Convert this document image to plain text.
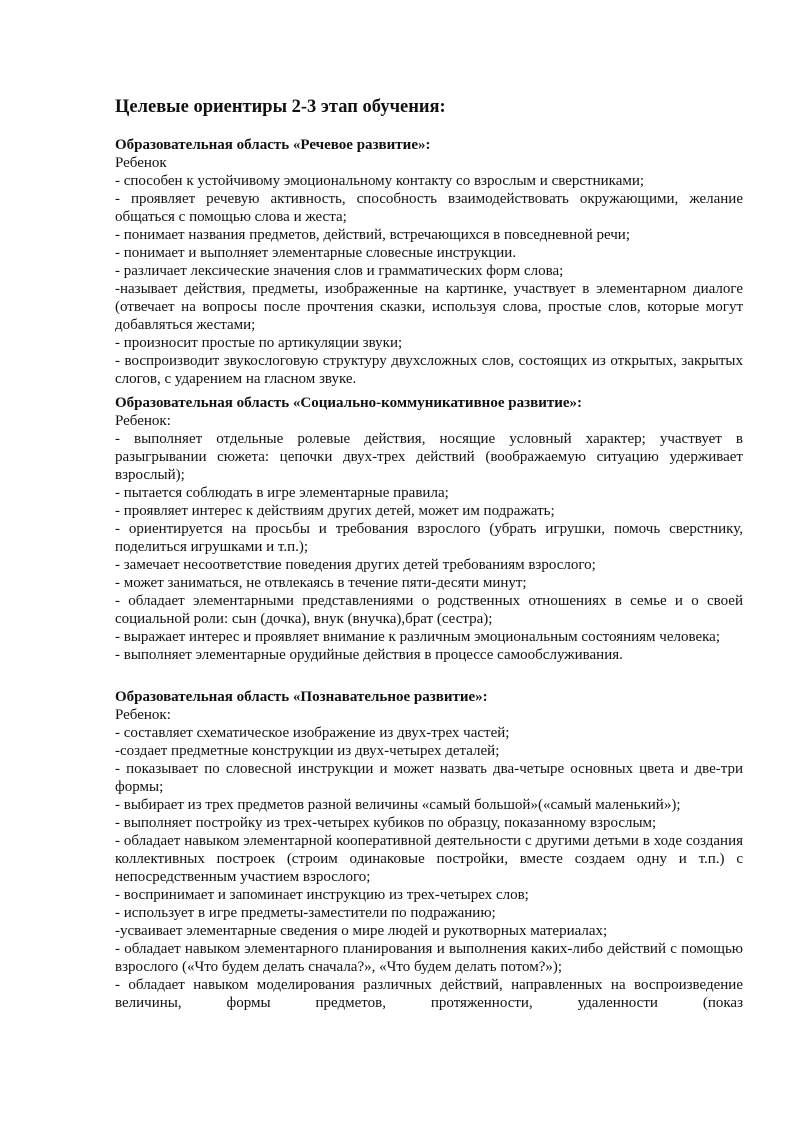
Целевые ориентиры 2-3 этап обучения:

Образовательная область «Речевое развитие»:

Ребенок

- способен к устойчивому эмоциональному контакту со взрослым и сверстниками;

- проявляет речевую активность, способность взаимодействовать окружающими, желание общаться с помощью слова и жеста;

- понимает названия предметов, действий, встречающихся в повседневной речи;

- понимает и выполняет элементарные словесные инструкции.

- различает лексические значения слов и грамматических форм слова;

-называет действия, предметы, изображенные на картинке, участвует в элементарном диалоге (отвечает на вопросы после прочтения сказки, используя слова, простые слов, которые могут добавляться жестами;

- произносит простые по артикуляции звуки;

- воспроизводит звукослоговую структуру двухсложных слов, состоящих из открытых, закрытых слогов, с ударением на гласном звуке.

Образовательная область «Социально-коммуникативное развитие»:

Ребенок:

- выполняет отдельные ролевые действия, носящие условный характер; участвует в разыгрывании сюжета: цепочки двух-трех действий (воображаемую ситуацию удерживает взрослый);

- пытается соблюдать в игре элементарные правила;

- проявляет интерес к действиям других детей, может им подражать;

- ориентируется на просьбы и требования взрослого (убрать игрушки, помочь сверстнику, поделиться игрушками и т.п.);

- замечает несоответствие поведения других детей требованиям взрослого;

- может заниматься, не отвлекаясь в течение пяти-десяти минут;

- обладает элементарными представлениями о родственных отношениях в семье и о своей социальной роли: сын (дочка), внук (внучка),брат (сестра);

- выражает интерес и проявляет внимание к различным эмоциональным состояниям человека;

- выполняет элементарные орудийные действия в процессе самообслуживания.

Образовательная область «Познавательное развитие»:

Ребенок:

- составляет схематическое изображение из двух-трех частей;

-создает предметные конструкции из двух-четырех деталей;

- показывает по словесной инструкции и может назвать два-четыре основных цвета и две-три формы;

- выбирает из трех предметов разной величины «самый большой»(«самый маленький»);

- выполняет постройку из трех-четырех кубиков по образцу, показанному взрослым;

- обладает навыком элементарной кооперативной деятельности с другими детьми в ходе создания коллективных построек (строим одинаковые постройки, вместе создаем одну и т.п.) с непосредственным участием взрослого;

- воспринимает и запоминает инструкцию из трех-четырех слов;

- использует в игре предметы-заместители по подражанию;

-усваивает элементарные сведения о мире людей и рукотворных материалах;

- обладает навыком элементарного планирования и выполнения каких-либо действий с помощью взрослого («Что будем делать сначала?», «Что будем делать потом?»);

- обладает навыком моделирования различных действий, направленных на воспроизведение величины, формы предметов, протяженности, удаленности (показ
